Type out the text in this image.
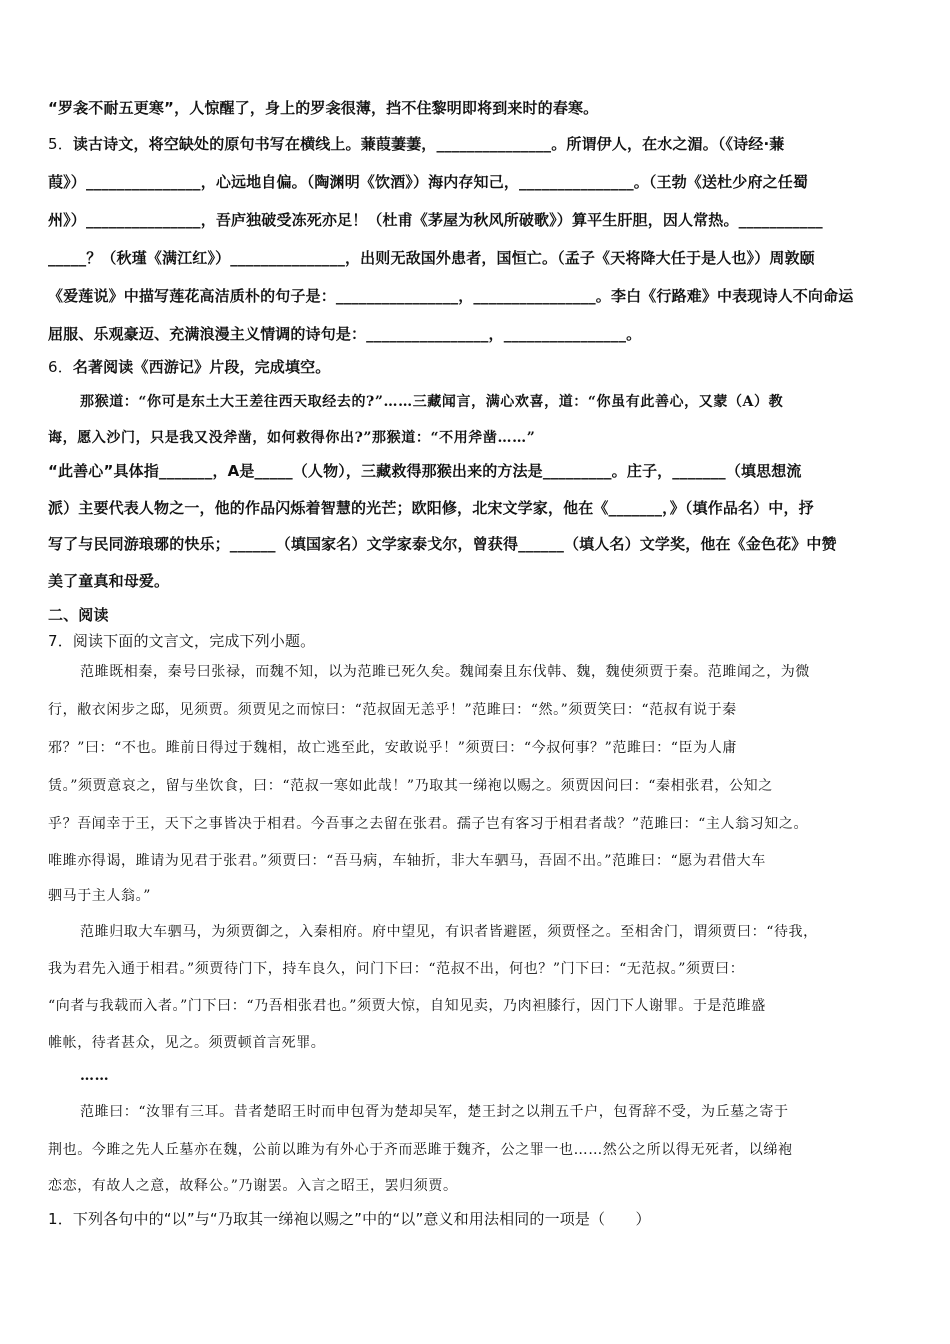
“罗衾不耐五更寒”，人惊醒了，身上的罗衾很薄，挡不住黎明即将到来时的春寒。
5．读古诗文，将空缺处的原句书写在横线上。蒹葭萋萋，_______________。所谓伊人，在水之湄。（《诗经·蒹
葭》）_______________，心远地自偏。（陶渊明《饮酒》）海内存知己，_______________。（王勃《送杜少府之任蜀
州》）_______________，吾庐独破受冻死亦足！（杜甫《茅屋为秋风所破歌》）算平生肝胆，因人常热。___________
_____？（秋瑾《满江红》）_______________，出则无敌国外患者，国恒亡。（孟子《天将降大任于是人也》）周敦颐
《爱莲说》中描写莲花高洁质朴的句子是：________________，________________。李白《行路难》中表现诗人不向命运
屈服、乐观豪迈、充满浪漫主义情调的诗句是：________________，________________。
6．名著阅读《西游记》片段，完成填空。
那猴道：“你可是东土大王差往西天取经去的?”……三藏闻言，满心欢喜，道：“你虽有此善心，又蒙（A）教
诲，愿入沙门，只是我又没斧凿，如何救得你出?”那猴道：“不用斧凿……”
“此善心”具体指_______，A是_____（人物），三藏救得那猴出来的方法是_________。庄子，_______（填思想流
派）主要代表人物之一，他的作品闪烁着智慧的光芒；欧阳修，北宋文学家，他在《_______，》（填作品名）中，抒
写了与民同游琅琊的快乐；______（填国家名）文学家泰戈尔，曾获得______（填人名）文学奖，他在《金色花》中赞
美了童真和母爱。
二、阅读
7．阅读下面的文言文，完成下列小题。
范雎既相秦，秦号曰张禄，而魏不知，以为范雎已死久矣。魏闻秦且东伐韩、魏，魏使须贾于秦。范雎闻之，为微
行，敝衣闲步之邸，见须贾。须贾见之而惊曰：“范叔固无恙乎！”范雎曰：“然。”须贾笑曰：“范叔有说于秦
邪？”曰：“不也。雎前日得过于魏相，故亡逃至此，安敢说乎！”须贾曰：“今叔何事？”范雎曰：“臣为人庸
赁。”须贾意哀之，留与坐饮食，曰：“范叔一寒如此哉！”乃取其一绨袍以赐之。须贾因问曰：“秦相张君，公知之
乎？吾闻幸于王，天下之事皆决于相君。今吾事之去留在张君。孺子岂有客习于相君者哉？”范雎曰：“主人翁习知之。
唯雎亦得谒，雎请为见君于张君。”须贾曰：“吾马病，车轴折，非大车驷马，吾固不出。”范雎曰：“愿为君借大车
驷马于主人翁。”
范雎归取大车驷马，为须贾御之，入秦相府。府中望见，有识者皆避匿，须贾怪之。至相舍门，谓须贾曰：“待我，
我为君先入通于相君。”须贾待门下，持车良久，问门下曰：“范叔不出，何也？”门下曰：“无范叔。”须贾曰：
“向者与我载而入者。”门下曰：“乃吾相张君也。”须贾大惊，自知见卖，乃肉袒膝行，因门下人谢罪。于是范雎盛
帷帐，待者甚众，见之。须贾顿首言死罪。
……
范雎曰：“汝罪有三耳。昔者楚昭王时而申包胥为楚却吴军，楚王封之以荆五千户，包胥辞不受，为丘墓之寄于
荆也。今雎之先人丘墓亦在魏，公前以雎为有外心于齐而恶雎于魏齐，公之罪一也……然公之所以得无死者，以绨袍
恋恋，有故人之意，故释公。”乃谢罢。入言之昭王，罢归须贾。
1．下列各句中的“以”与“乃取其一绨袍以赐之”中的“以”意义和用法相同的一项是（　　）
